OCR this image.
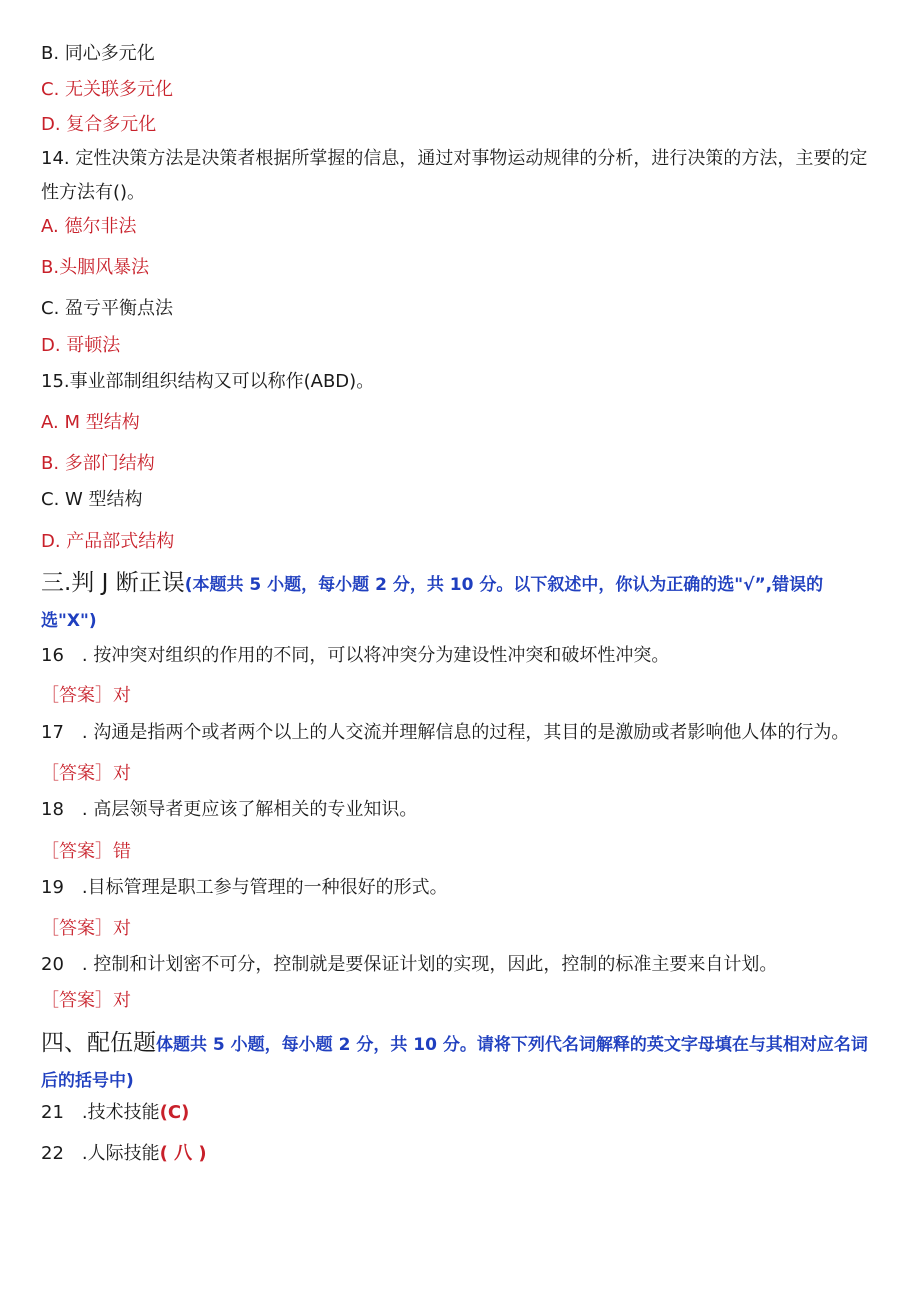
B. 同心多元化
C. 无关联多元化
D. 复合多元化
14. 定性决策方法是决策者根据所掌握的信息，通过对事物运动规律的分析，进行决策的方法，主要的定性方法有()。
A. 德尔非法
B.头胭风暴法
C. 盈亏平衡点法
D. 哥顿法
15.事业部制组织结构又可以称作(ABD)。
A. M 型结构
B. 多部门结构
C. W 型结构
D. 产品部式结构
三.判 J 断正误(本题共 5 小题，每小题 2 分，共 10 分。以下叙述中，你认为正确的选"√”,错误的选"X")
16　. 按冲突对组织的作用的不同，可以将冲突分为建设性冲突和破坏性冲突。
［答案］对
17　. 沟通是指两个或者两个以上的人交流并理解信息的过程，其目的是激励或者影响他人体的行为。
［答案］对
18　. 高层领导者更应该了解相关的专业知识。
［答案］错
19　.目标管理是职工参与管理的一种很好的形式。
［答案］对
20　. 控制和计划密不可分，控制就是要保证计划的实现，因此，控制的标准主要来自计划。
［答案］对
四、配伍题体题共 5 小题，每小题 2 分，共 10 分。请将下列代名词解释的英文字母填在与其相对应名词后的括号中)
21　.技术技能(C)
22　.人际技能( 八 )
